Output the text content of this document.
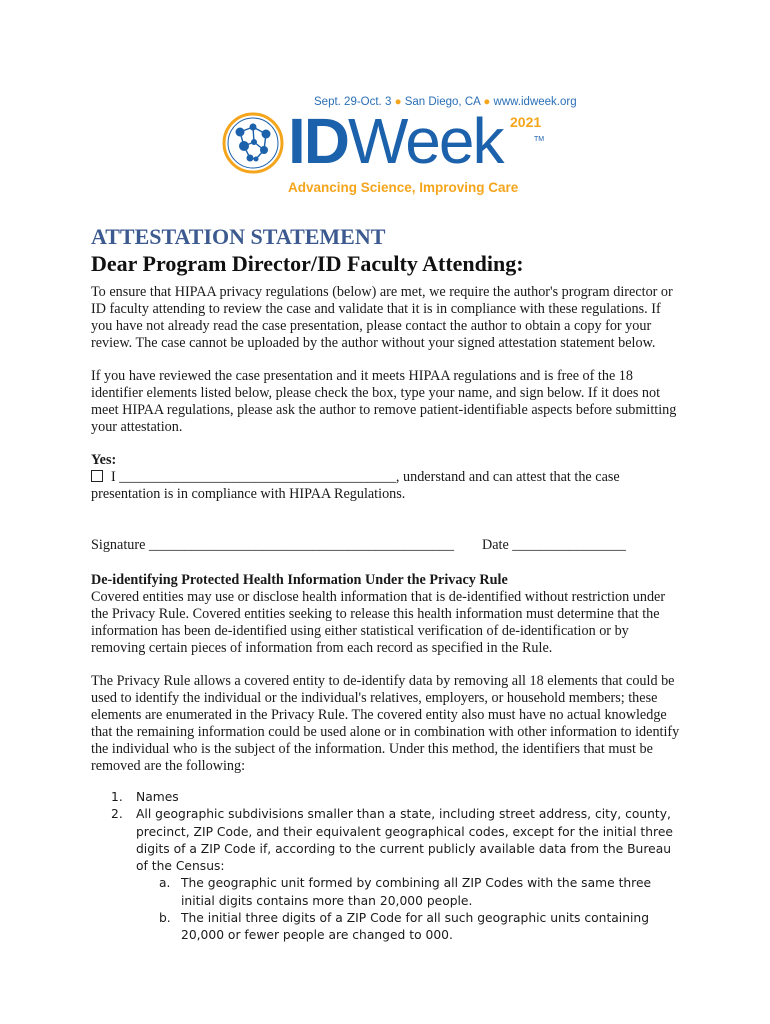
Sept. 29-Oct. 3 ● San Diego, CA ● www.idweek.org
IDWeek 2021
TM
Advancing Science, Improving Care
ATTESTATION STATEMENT
Dear Program Director/ID Faculty Attending:

To ensure that HIPAA privacy regulations (below) are met, we require the author's program director or ID faculty attending to review the case and validate that it is in compliance with these regulations. If you have not already read the case presentation, please contact the author to obtain a copy for your review. The case cannot be uploaded by the author without your signed attestation statement below.

If you have reviewed the case presentation and it meets HIPAA regulations and is free of the 18 identifier elements listed below, please check the box, type your name, and sign below. If it does not meet HIPAA regulations, please ask the author to remove patient-identifiable aspects before submitting your attestation.

Yes:
I _______________________________________, understand and can attest that the case presentation is in compliance with HIPAA Regulations.
Signature ___________________________________________ Date ________________
De-identifying Protected Health Information Under the Privacy Rule

Covered entities may use or disclose health information that is de-identified without restriction under the Privacy Rule. Covered entities seeking to release this health information must determine that the information has been de-identified using either statistical verification of de-identification or by removing certain pieces of information from each record as specified in the Rule.

The Privacy Rule allows a covered entity to de-identify data by removing all 18 elements that could be used to identify the individual or the individual's relatives, employers, or household members; these elements are enumerated in the Privacy Rule. The covered entity also must have no actual knowledge that the remaining information could be used alone or in combination with other information to identify the individual who is the subject of the information. Under this method, the identifiers that must be removed are the following:

1.	Names
2.	All geographic subdivisions smaller than a state, including street address, city, county, precinct, ZIP Code, and their equivalent geographical codes, except for the initial three digits of a ZIP Code if, according to the current publicly available data from the Bureau of the Census:
a. The geographic unit formed by combining all ZIP Codes with the same three initial digits contains more than 20,000 people.
b. The initial three digits of a ZIP Code for all such geographic units containing 20,000 or fewer people are changed to 000.
